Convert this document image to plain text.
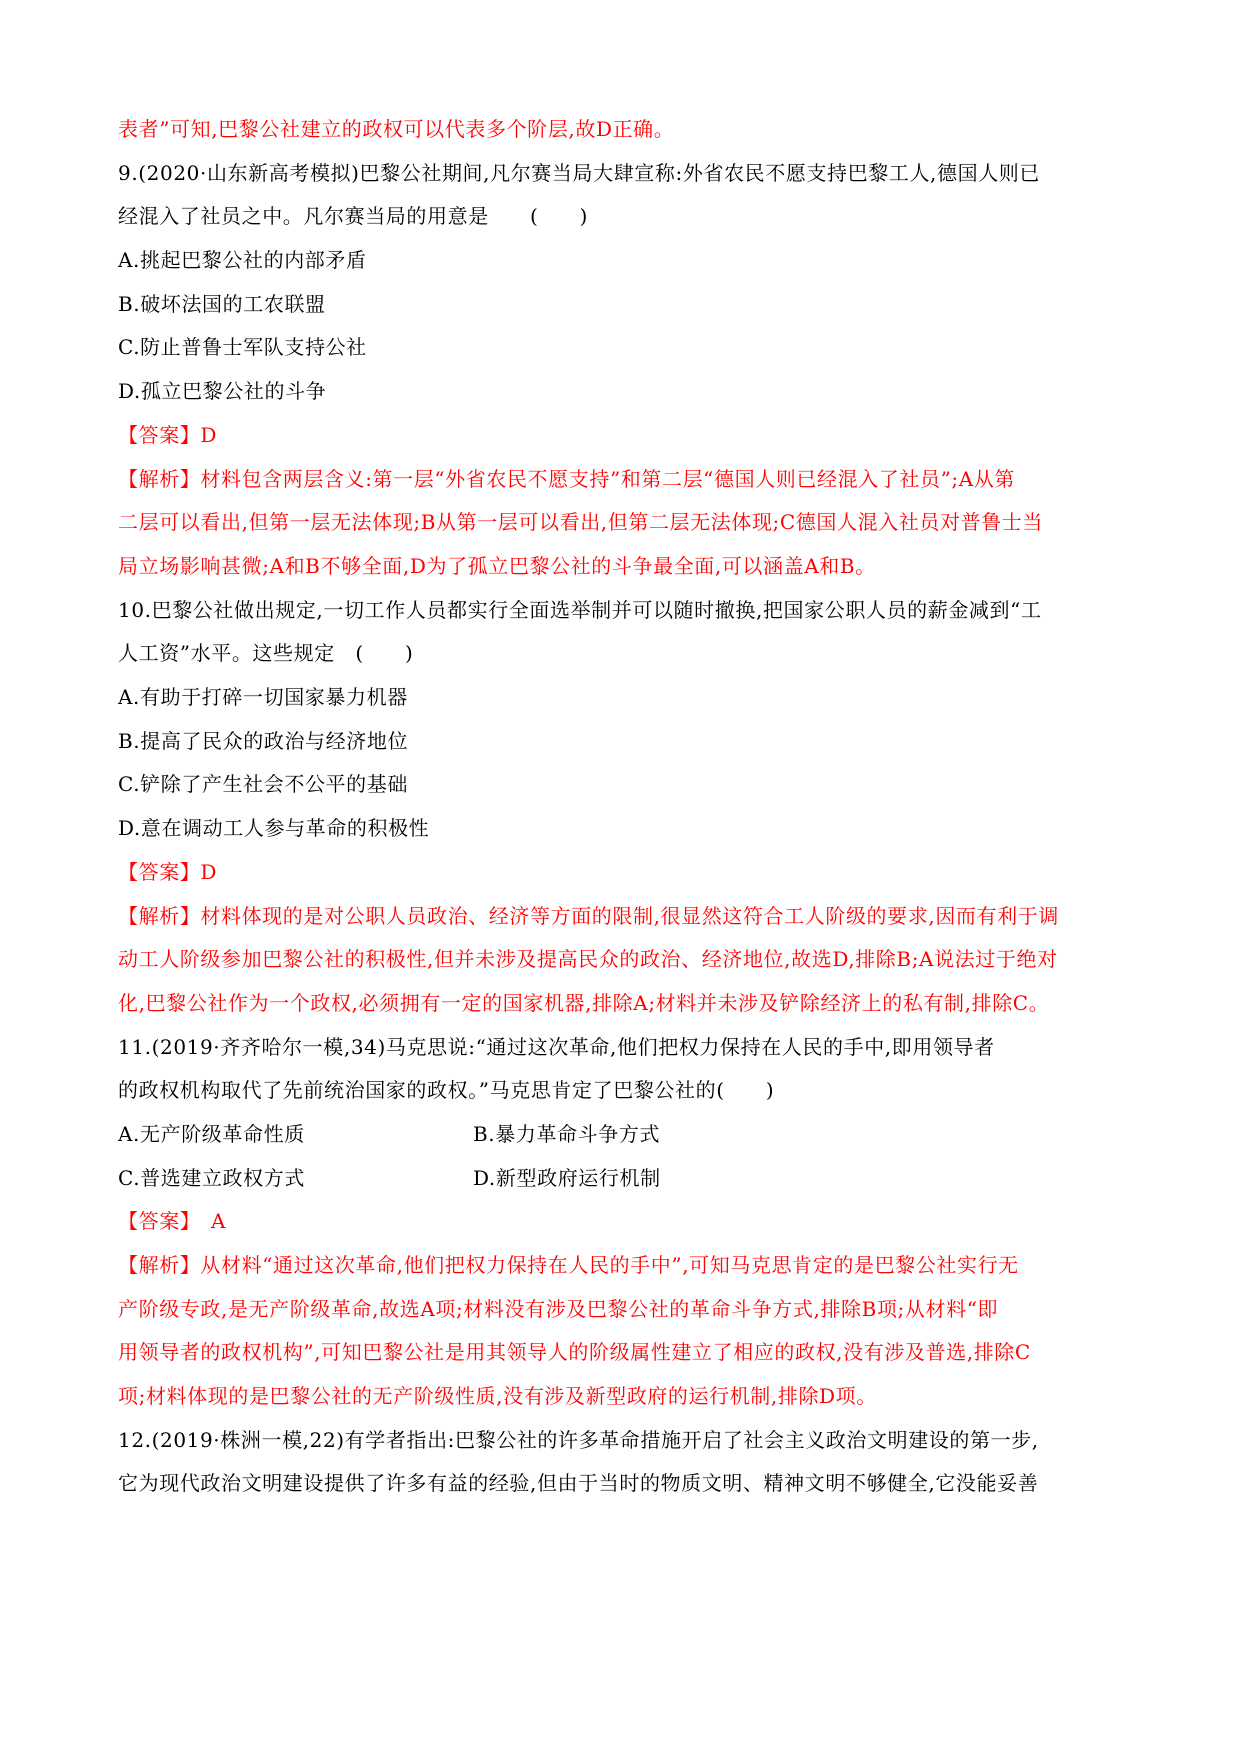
表者”可知,巴黎公社建立的政权可以代表多个阶层,故D正确。
9.(2020·山东新高考模拟)巴黎公社期间,凡尔赛当局大肆宣称:外省农民不愿支持巴黎工人,德国人则已
经混入了社员之中。凡尔赛当局的用意是　　(　　)
A.挑起巴黎公社的内部矛盾
B.破坏法国的工农联盟
C.防止普鲁士军队支持公社
D.孤立巴黎公社的斗争
【答案】D
【解析】材料包含两层含义:第一层“外省农民不愿支持”和第二层“德国人则已经混入了社员”;A从第
二层可以看出,但第一层无法体现;B从第一层可以看出,但第二层无法体现;C德国人混入社员对普鲁士当
局立场影响甚微;A和B不够全面,D为了孤立巴黎公社的斗争最全面,可以涵盖A和B。
10.巴黎公社做出规定,一切工作人员都实行全面选举制并可以随时撤换,把国家公职人员的薪金减到“工
人工资”水平。这些规定　(　　)
A.有助于打碎一切国家暴力机器
B.提高了民众的政治与经济地位
C.铲除了产生社会不公平的基础
D.意在调动工人参与革命的积极性
【答案】D
【解析】材料体现的是对公职人员政治、经济等方面的限制,很显然这符合工人阶级的要求,因而有利于调
动工人阶级参加巴黎公社的积极性,但并未涉及提高民众的政治、经济地位,故选D,排除B;A说法过于绝对
化,巴黎公社作为一个政权,必须拥有一定的国家机器,排除A;材料并未涉及铲除经济上的私有制,排除C。
11.(2019·齐齐哈尔一模,34)马克思说:“通过这次革命,他们把权力保持在人民的手中,即用领导者
的政权机构取代了先前统治国家的政权。”马克思肯定了巴黎公社的(　　)
A.无产阶级革命性质	B.暴力革命斗争方式
C.普选建立政权方式	D.新型政府运行机制
【答案】　A
【解析】从材料“通过这次革命,他们把权力保持在人民的手中”,可知马克思肯定的是巴黎公社实行无
产阶级专政,是无产阶级革命,故选A项;材料没有涉及巴黎公社的革命斗争方式,排除B项;从材料“即
用领导者的政权机构”,可知巴黎公社是用其领导人的阶级属性建立了相应的政权,没有涉及普选,排除C
项;材料体现的是巴黎公社的无产阶级性质,没有涉及新型政府的运行机制,排除D项。
12.(2019·株洲一模,22)有学者指出:巴黎公社的许多革命措施开启了社会主义政治文明建设的第一步,
它为现代政治文明建设提供了许多有益的经验,但由于当时的物质文明、精神文明不够健全,它没能妥善
